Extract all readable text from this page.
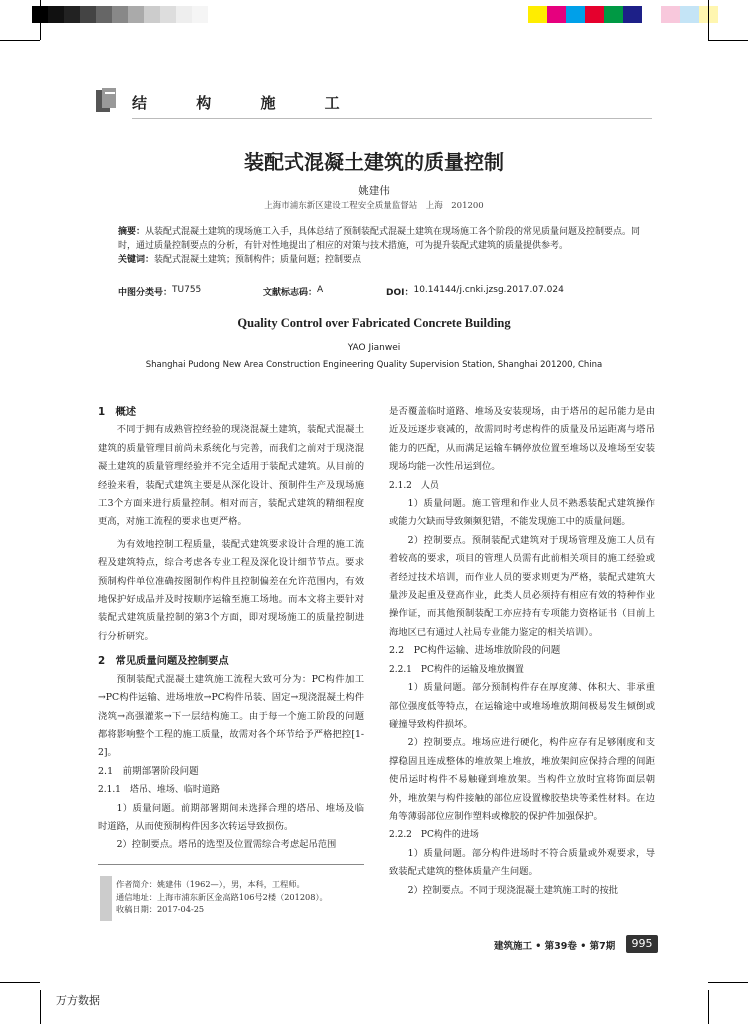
结 构 施 工
装配式混凝土建筑的质量控制
姚建伟
上海市浦东新区建设工程安全质量监督站　上海　201200
摘要：从装配式混凝土建筑的现场施工入手，具体总结了预制装配式混凝土建筑在现场施工各个阶段的常见质量问题及控制要点。同时，通过质量控制要点的分析，有针对性地提出了相应的对策与技术措施，可为提升装配式建筑的质量提供参考。
关键词：装配式混凝土建筑；预制构件；质量问题；控制要点
中图分类号： TU755	文献标志码： A	DOI： 10.14144/j.cnki.jzsg.2017.07.024
Quality Control over Fabricated Concrete Building
YAO Jianwei
Shanghai Pudong New Area Construction Engineering Quality Supervision Station, Shanghai 201200, China
1　概述

不同于拥有成熟管控经验的现浇混凝土建筑，装配式混凝土建筑的质量管理目前尚未系统化与完善，而我们之前对于现浇混凝土建筑的质量管理经验并不完全适用于装配式建筑。从目前的经验来看，装配式建筑主要是从深化设计、预制件生产及现场施工3个方面来进行质量控制。相对而言，装配式建筑的精细程度更高，对施工流程的要求也更严格。

为有效地控制工程质量，装配式建筑要求设计合理的施工流程及建筑特点，综合考虑各专业工程及深化设计细节节点。要求预制构件单位准确按图制作构件且控制偏差在允许范围内，有效地保护好成品并及时按顺序运输至施工场地。而本文将主要针对装配式建筑质量控制的第3个方面，即对现场施工的质量控制进行分析研究。

2　常见质量问题及控制要点

预制装配式混凝土建筑施工流程大致可分为：PC构件加工→PC构件运输、进场堆放→PC构件吊装、固定→现浇混凝土构件浇筑→高强灌浆→下一层结构施工。由于每一个施工阶段的问题都将影响整个工程的施工质量，故需对各个环节给予严格把控[1-2]。

2.1　前期部署阶段问题
2.1.1　塔吊、堆场、临时道路

1）质量问题。前期部署期间未选择合理的塔吊、堆场及临时道路，从而使预制构件因多次转运导致损伤。

2）控制要点。塔吊的选型及位置需综合考虑起吊范围

是否覆盖临时道路、堆场及安装现场，由于塔吊的起吊能力是由近及远逐步衰减的，故需同时考虑构件的质量及吊运距离与塔吊能力的匹配，从而满足运输车辆停放位置至堆场以及堆场至安装现场均能一次性吊运到位。

2.1.2　人员

1）质量问题。施工管理和作业人员不熟悉装配式建筑操作或能力欠缺而导致频频犯错，不能发现施工中的质量问题。

2）控制要点。预制装配式建筑对于现场管理及施工人员有着较高的要求，项目的管理人员需有此前相关项目的施工经验或者经过技术培训，而作业人员的要求则更为严格，装配式建筑大量涉及起重及登高作业，此类人员必须持有相应有效的特种作业操作证，而其他预制装配工亦应持有专项能力资格证书（目前上海地区已有通过人社局专业能力鉴定的相关培训）。

2.2　PC构件运输、进场堆放阶段的问题
2.2.1　PC构件的运输及堆放搁置

1）质量问题。部分预制构件存在厚度薄、体积大、非承重部位强度低等特点，在运输途中或堆场堆放期间极易发生倾倒或碰撞导致构件损坏。

2）控制要点。堆场应进行硬化，构件应存有足够刚度和支撑稳固且连成整体的堆放架上堆放，堆放架间应保持合理的间距使吊运时构件不易触碰到堆放架。当构件立放时宜将饰面层朝外，堆放架与构件接触的部位应设置橡胶垫块等柔性材料。在边角等薄弱部位应制作塑料或橡胶的保护件加强保护。

2.2.2　PC构件的进场

1）质量问题。部分构件进场时不符合质量或外观要求，导致装配式建筑的整体质量产生问题。

2）控制要点。不同于现浇混凝土建筑施工时的按批

作者简介：姚建伟（1962—），男，本科，工程师。
通信地址：上海市浦东新区金高路106号2楼（201208）。
收稿日期：2017-04-25
建筑施工 • 第39卷 • 第7期	995
万方数据
